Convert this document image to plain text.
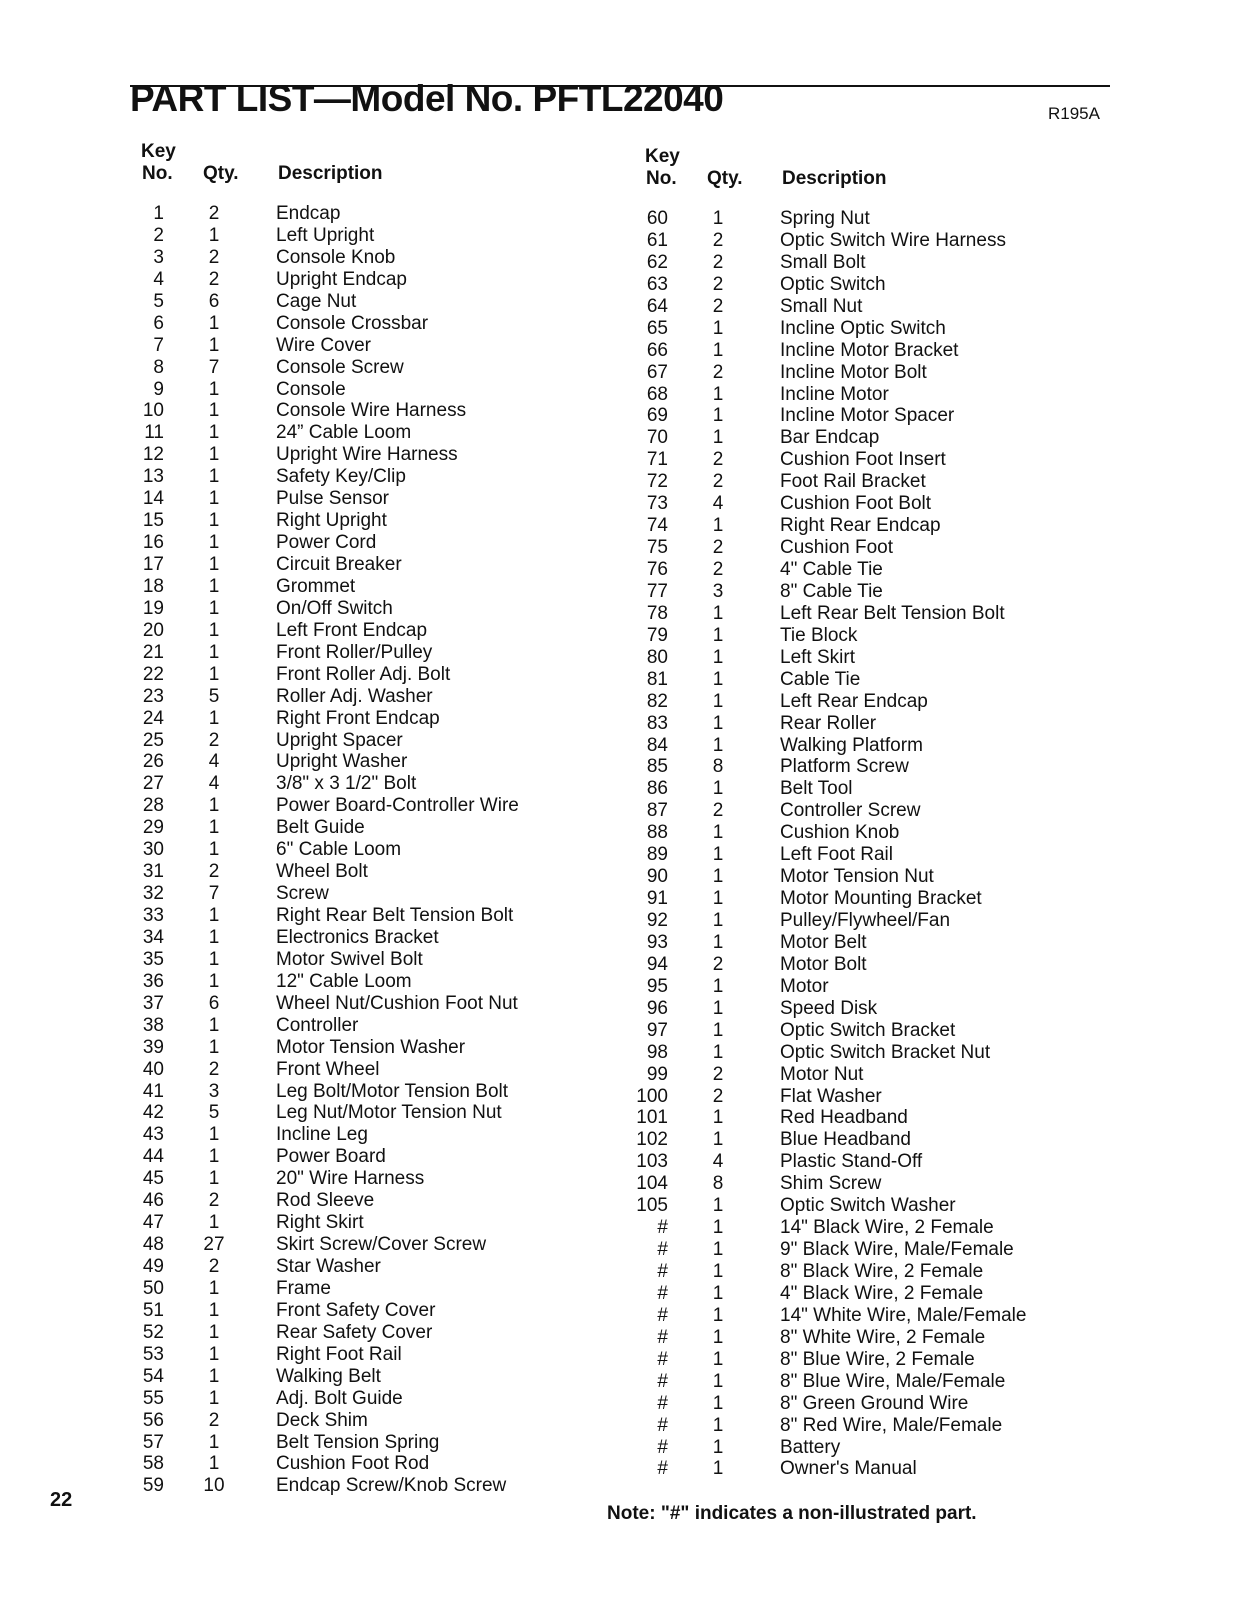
PART LIST—Model No. PFTL22040	R195A
Key
No. Qty. Description
1	2	Endcap
2	1	Left Upright
3	2	Console Knob
4	2	Upright Endcap
5	6	Cage Nut
6	1	Console Crossbar
7	1	Wire Cover
8	7	Console Screw
9	1	Console
10	1	Console Wire Harness
11	1	24” Cable Loom
12	1	Upright Wire Harness
13	1	Safety Key/Clip
14	1	Pulse Sensor
15	1	Right Upright
16	1	Power Cord
17	1	Circuit Breaker
18	1	Grommet
19	1	On/Off Switch
20	1	Left Front Endcap
21	1	Front Roller/Pulley
22	1	Front Roller Adj. Bolt
23	5	Roller Adj. Washer
24	1	Right Front Endcap
25	2	Upright Spacer
26	4	Upright Washer
27	4	3/8" x 3 1/2" Bolt
28	1	Power Board-Controller Wire
29	1	Belt Guide
30	1	6" Cable Loom
31	2	Wheel Bolt
32	7	Screw
33	1	Right Rear Belt Tension Bolt
34	1	Electronics Bracket
35	1	Motor Swivel Bolt
36	1	12" Cable Loom
37	6	Wheel Nut/Cushion Foot Nut
38	1	Controller
39	1	Motor Tension Washer
40	2	Front Wheel
41	3	Leg Bolt/Motor Tension Bolt
42	5	Leg Nut/Motor Tension Nut
43	1	Incline Leg
44	1	Power Board
45	1	20" Wire Harness
46	2	Rod Sleeve
47	1	Right Skirt
48	27	Skirt Screw/Cover Screw
49	2	Star Washer
50	1	Frame
51	1	Front Safety Cover
52	1	Rear Safety Cover
53	1	Right Foot Rail
54	1	Walking Belt
55	1	Adj. Bolt Guide
56	2	Deck Shim
57	1	Belt Tension Spring
58	1	Cushion Foot Rod
59	10	Endcap Screw/Knob Screw
Key
No. Qty. Description
60	1	Spring Nut
61	2	Optic Switch Wire Harness
62	2	Small Bolt
63	2	Optic Switch
64	2	Small Nut
65	1	Incline Optic Switch
66	1	Incline Motor Bracket
67	2	Incline Motor Bolt
68	1	Incline Motor
69	1	Incline Motor Spacer
70	1	Bar Endcap
71	2	Cushion Foot Insert
72	2	Foot Rail Bracket
73	4	Cushion Foot Bolt
74	1	Right Rear Endcap
75	2	Cushion Foot
76	2	4" Cable Tie
77	3	8" Cable Tie
78	1	Left Rear Belt Tension Bolt
79	1	Tie Block
80	1	Left Skirt
81	1	Cable Tie
82	1	Left Rear Endcap
83	1	Rear Roller
84	1	Walking Platform
85	8	Platform Screw
86	1	Belt Tool
87	2	Controller Screw
88	1	Cushion Knob
89	1	Left Foot Rail
90	1	Motor Tension Nut
91	1	Motor Mounting Bracket
92	1	Pulley/Flywheel/Fan
93	1	Motor Belt
94	2	Motor Bolt
95	1	Motor
96	1	Speed Disk
97	1	Optic Switch Bracket
98	1	Optic Switch Bracket Nut
99	2	Motor Nut
100	2	Flat Washer
101	1	Red Headband
102	1	Blue Headband
103	4	Plastic Stand-Off
104	8	Shim Screw
105	1	Optic Switch Washer
#	1	14" Black Wire, 2 Female
#	1	9" Black Wire, Male/Female
#	1	8" Black Wire, 2 Female
#	1	4" Black Wire, 2 Female
#	1	14" White Wire, Male/Female
#	1	8" White Wire, 2 Female
#	1	8" Blue Wire, 2 Female
#	1	8" Blue Wire, Male/Female
#	1	8" Green Ground Wire
#	1	8" Red Wire, Male/Female
#	1	Battery
#	1	Owner's Manual
22
Note: "#" indicates a non-illustrated part.
